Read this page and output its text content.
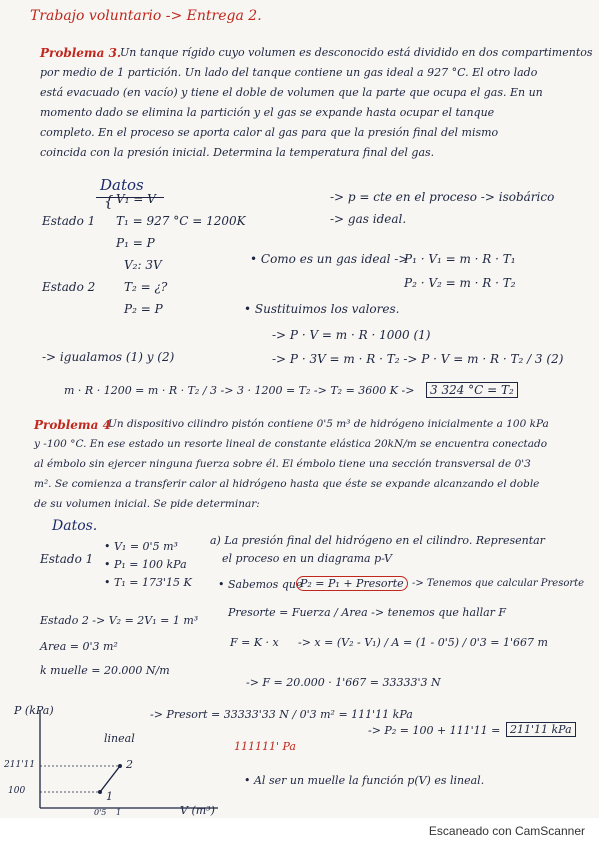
Trabajo voluntario -> Entrega 2.
Problema 3.
Un tanque rígido cuyo volumen es desconocido está dividido en dos compartimentos
por medio de 1 partición. Un lado del tanque contiene un gas ideal a 927 °C. El otro lado
está evacuado (en vacío) y tiene el doble de volumen que la parte que ocupa el gas. En un
momento dado se elimina la partición y el gas se expande hasta ocupar el tanque
completo. En el proceso se aporta calor al gas para que la presión final del mismo
coincida con la presión inicial. Determina la temperatura final del gas.
Datos
Estado 1
{ V₁ = V
T₁ = 927 °C = 1200K
P₁ = P
-> p = cte en el proceso -> isobárico
-> gas ideal.
Estado 2
V₂: 3V
T₂ = ¿?
P₂ = P
• Como es un gas ideal ->
P₁ · V₁ = m · R · T₁
P₂ · V₂ = m · R · T₂
• Sustituimos los valores.
-> P · V = m · R · 1000 (1)
-> P · 3V = m · R · T₂ -> P · V = m · R · T₂ / 3 (2)
-> igualamos (1) y (2)
m · R · 1200 = m · R · T₂ / 3 -> 3 · 1200 = T₂ -> T₂ = 3600 K ->	3 324 °C = T₂
Problema 4
Un dispositivo cilindro pistón contiene 0'5 m³ de hidrógeno inicialmente a 100 kPa
y -100 °C. En ese estado un resorte lineal de constante elástica 20kN/m se encuentra conectado
al émbolo sin ejercer ninguna fuerza sobre él. El émbolo tiene una sección transversal de 0'3
m². Se comienza a transferir calor al hidrógeno hasta que éste se expande alcanzando el doble
de su volumen inicial. Se pide determinar:
Datos.
Estado 1
• V₁ = 0'5 m³
• P₁ = 100 kPa
• T₁ = 173'15 K
Estado 2 -> V₂ = 2V₁ = 1 m³
Area = 0'3 m²
k muelle = 20.000 N/m
a) La presión final del hidrógeno en el cilindro. Representar
el proceso en un diagrama p-V
• Sabemos que
P₂ = P₁ + Presorte -> Tenemos que calcular Presorte
Presorte = Fuerza / Area -> tenemos que hallar F
F = K · x -> x = (V₂ - V₁) / A = (1 - 0'5) / 0'3 = 1'667 m
-> F = 20.000 · 1'667 = 33333'3 N
-> Presort = 33333'33 N / 0'3 m² = 111'11 kPa
111111' Pa
-> P₂ = 100 + 111'11 = 211'11 kPa
• Al ser un muelle la función p(V) es lineal.
P (kPa)
211'11
100
lineal
1
2
0'5 1	V (m³)
Escaneado con CamScanner
